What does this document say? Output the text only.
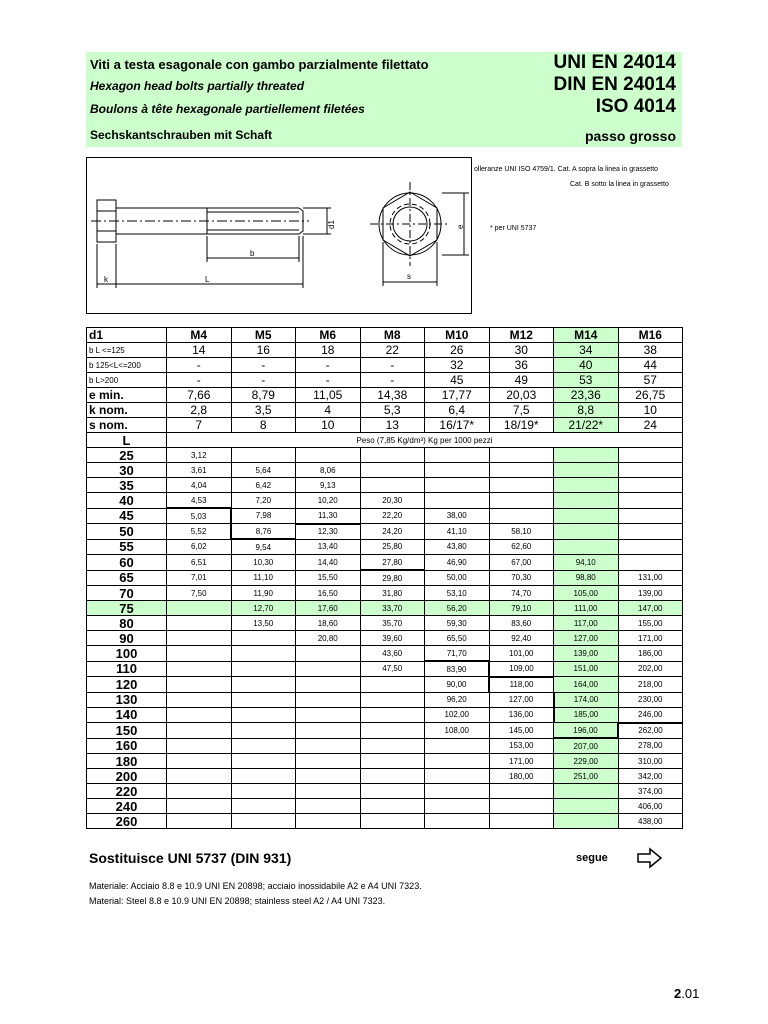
Viti a testa esagonale con gambo parzialmente filettato
Hexagon head bolts partially threated
Boulons à tête hexagonale partiellement filetées
Sechskantschrauben mit Schaft
UNI EN 24014
DIN EN 24014
ISO 4014
passo grosso
d1
b
L
k
e
s
olleranze UNI ISO 4759/1. Cat. A sopra la linea in grassetto
Cat. B sotto la linea in grassetto
* per UNI 5737
d1	M4	M5	M6	M8	M10	M12	M14	M16
b L <=125	14	16	18	22	26	30	34	38
b 125<L<=200	-	-	-	-	32	36	40	44
b L>200	-	-	-	-	45	49	53	57
e min.	7,66	8,79	11,05	14,38	17,77	20,03	23,36	26,75
k nom.	2,8	3,5	4	5,3	6,4	7,5	8,8	10
s nom.	7	8	10	13	16/17*	18/19*	21/22*	24
L	Peso (7,85 Kg/dm³) Kg per 1000 pezzi							
25	3,12							
30	3,61	5,64	8,06					
35	4,04	6,42	9,13					
40	4,53	7,20	10,20	20,30				
45	5,03	7,98	11,30	22,20	38,00			
50	5,52	8,76	12,30	24,20	41,10	58,10		
55	6,02	9,54	13,40	25,80	43,80	62,60		
60	6,51	10,30	14,40	27,80	46,90	67,00	94,10	
65	7,01	11,10	15,50	29,80	50,00	70,30	98,80	131,00
70	7,50	11,90	16,50	31,80	53,10	74,70	105,00	139,00
75		12,70	17,60	33,70	56,20	79,10	111,00	147,00
80		13,50	18,60	35,70	59,30	83,60	117,00	155,00
90			20,80	39,60	65,50	92,40	127,00	171,00
100				43,60	71,70	101,00	139,00	186,00
110				47,50	83,90	109,00	151,00	202,00
120					90,00	118,00	164,00	218,00
130					96,20	127,00	174,00	230,00
140					102,00	136,00	185,00	246,00
150					108,00	145,00	196,00	262,00
160						153,00	207,00	278,00
180						171,00	229,00	310,00
200						180,00	251,00	342,00
220								374,00
240								406,00
260								438,00
Sostituisce UNI 5737 (DIN 931)	segue
Materiale: Acciaio 8.8 e 10.9 UNI EN 20898; acciaio inossidabile A2 e A4 UNI 7323.
Material: Steel 8.8 e 10.9 UNI EN 20898; stainless steel A2 / A4 UNI 7323.
2.01
